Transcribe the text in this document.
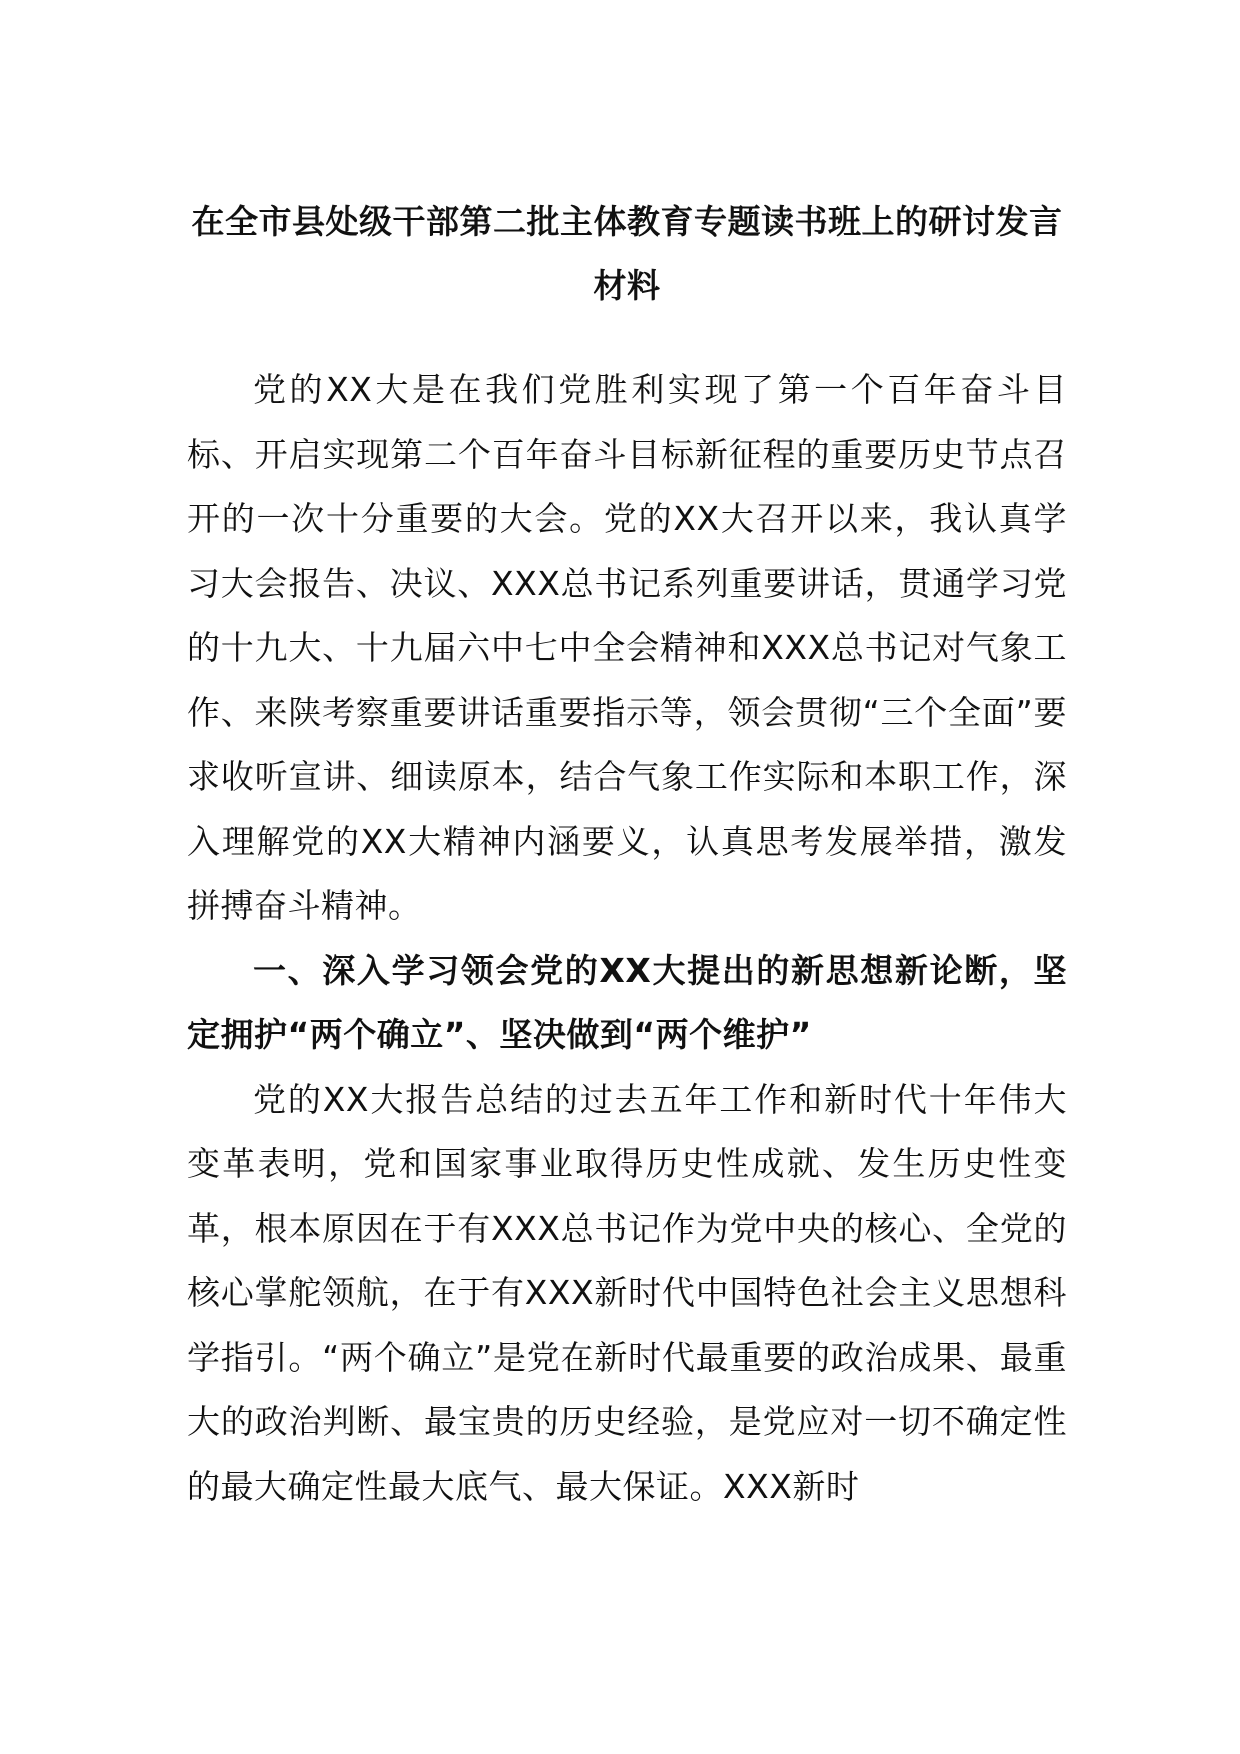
在全市县处级干部第二批主体教育专题读书班上的研讨发言材料

党的XX大是在我们党胜利实现了第一个百年奋斗目标、开启实现第二个百年奋斗目标新征程的重要历史节点召开的一次十分重要的大会。党的XX大召开以来，我认真学习大会报告、决议、XXX总书记系列重要讲话，贯通学习党的十九大、十九届六中七中全会精神和XXX总书记对气象工作、来陕考察重要讲话重要指示等，领会贯彻“三个全面”要求收听宣讲、细读原本，结合气象工作实际和本职工作，深入理解党的XX大精神内涵要义，认真思考发展举措，激发拼搏奋斗精神。

一、深入学习领会党的XX大提出的新思想新论断，坚定拥护“两个确立”、坚决做到“两个维护”

党的XX大报告总结的过去五年工作和新时代十年伟大变革表明，党和国家事业取得历史性成就、发生历史性变革，根本原因在于有XXX总书记作为党中央的核心、全党的核心掌舵领航，在于有XXX新时代中国特色社会主义思想科学指引。“两个确立”是党在新时代最重要的政治成果、最重大的政治判断、最宝贵的历史经验，是党应对一切不确定性的最大确定性最大底气、最大保证。XXX新时
